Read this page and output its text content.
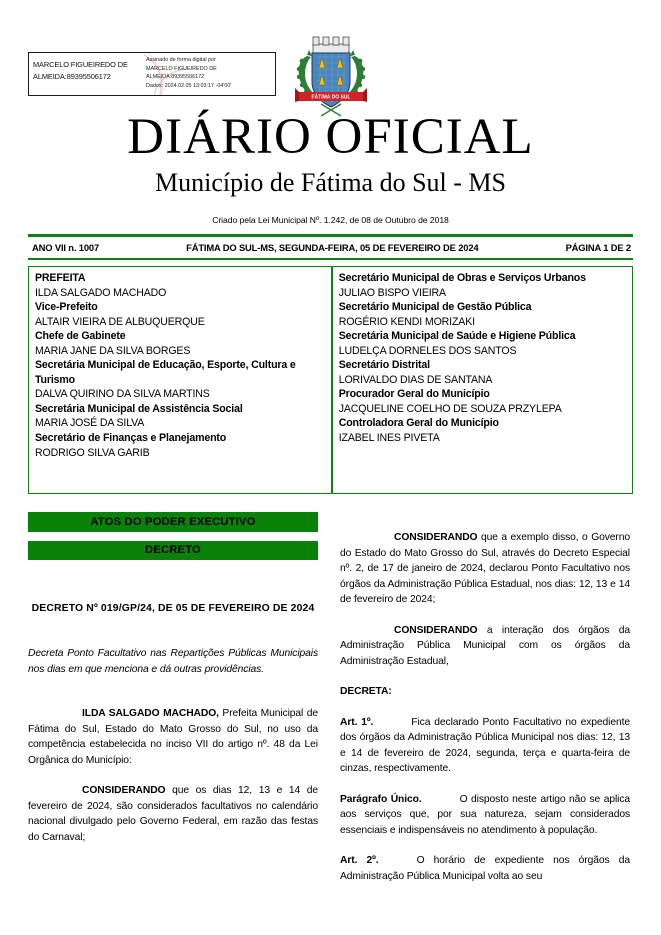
MARCELO FIGUEIREDO DE
ALMEIDA:89395506172
Assinado de forma digital por
MARCELO FIGUEIREDO DE
ALMEIDA:89395506172
Dados: 2024.02.05 13:03:17 -04'00'
FÁTIMA DO SUL
DIÁRIO OFICIAL
Município de Fátima do Sul - MS
Criado pela Lei Municipal Nº. 1.242, de 08 de Outubro de 2018
ANO VII n. 1007	FÁTIMA DO SUL-MS, SEGUNDA-FEIRA, 05 DE FEVEREIRO DE 2024	PÁGINA 1 DE 2
PREFEITA
ILDA SALGADO MACHADO
Vice-Prefeito
ALTAIR VIEIRA DE ALBUQUERQUE
Chefe de Gabinete
MARIA JANE DA SILVA BORGES
Secretária Municipal de Educação, Esporte, Cultura e Turismo
DALVA QUIRINO DA SILVA MARTINS
Secretária Municipal de Assistência Social
MARIA JOSÉ DA SILVA
Secretário de Finanças e Planejamento
RODRIGO SILVA GARIB
Secretário Municipal de Obras e Serviços Urbanos
JULIAO BISPO VIEIRA
Secretário Municipal de Gestão Pública
ROGÉRIO KENDI MORIZAKI
Secretária Municipal de Saúde e Higiene Pública
LUDELÇA DORNELES DOS SANTOS
Secretário Distrital
LORIVALDO DIAS DE SANTANA
Procurador Geral do Município
JACQUELINE COELHO DE SOUZA PRZYLEPA
Controladora Geral do Município
IZABEL INES PIVETA
ATOS DO PODER EXECUTIVO
DECRETO
DECRETO Nº 019/GP/24, DE 05 DE FEVEREIRO DE 2024
Decreta Ponto Facultativo nas Repartições Públicas Municipais nos dias em que menciona e dá outras providências.

ILDA SALGADO MACHADO, Prefeita Municipal de Fátima do Sul, Estado do Mato Grosso do Sul, no uso da competência estabelecida no inciso VII do artigo nº. 48 da Lei Orgânica do Município:

CONSIDERANDO que os dias 12, 13 e 14 de fevereiro de 2024, são considerados facultativos no calendário nacional divulgado pelo Governo Federal, em razão das festas do Carnaval;

CONSIDERANDO que a exemplo disso, o Governo do Estado do Mato Grosso do Sul, através do Decreto Especial nº. 2, de 17 de janeiro de 2024, declarou Ponto Facultativo nos órgãos da Administração Pública Estadual, nos dias: 12, 13 e 14 de fevereiro de 2024;

CONSIDERANDO a interação dos órgãos da Administração Pública Municipal com os órgãos da Administração Estadual,

DECRETA:

Art. 1º.	Fica declarado Ponto Facultativo no expediente dos órgãos da Administração Pública Municipal nos dias: 12, 13 e 14 de fevereiro de 2024, segunda, terça e quarta-feira de cinzas, respectivamente.

Parágrafo Único.	O disposto neste artigo não se aplica aos serviços que, por sua natureza, sejam considerados essenciais e indispensáveis no atendimento à população.

Art. 2º.	O horário de expediente nos órgãos da Administração Pública Municipal volta ao seu
